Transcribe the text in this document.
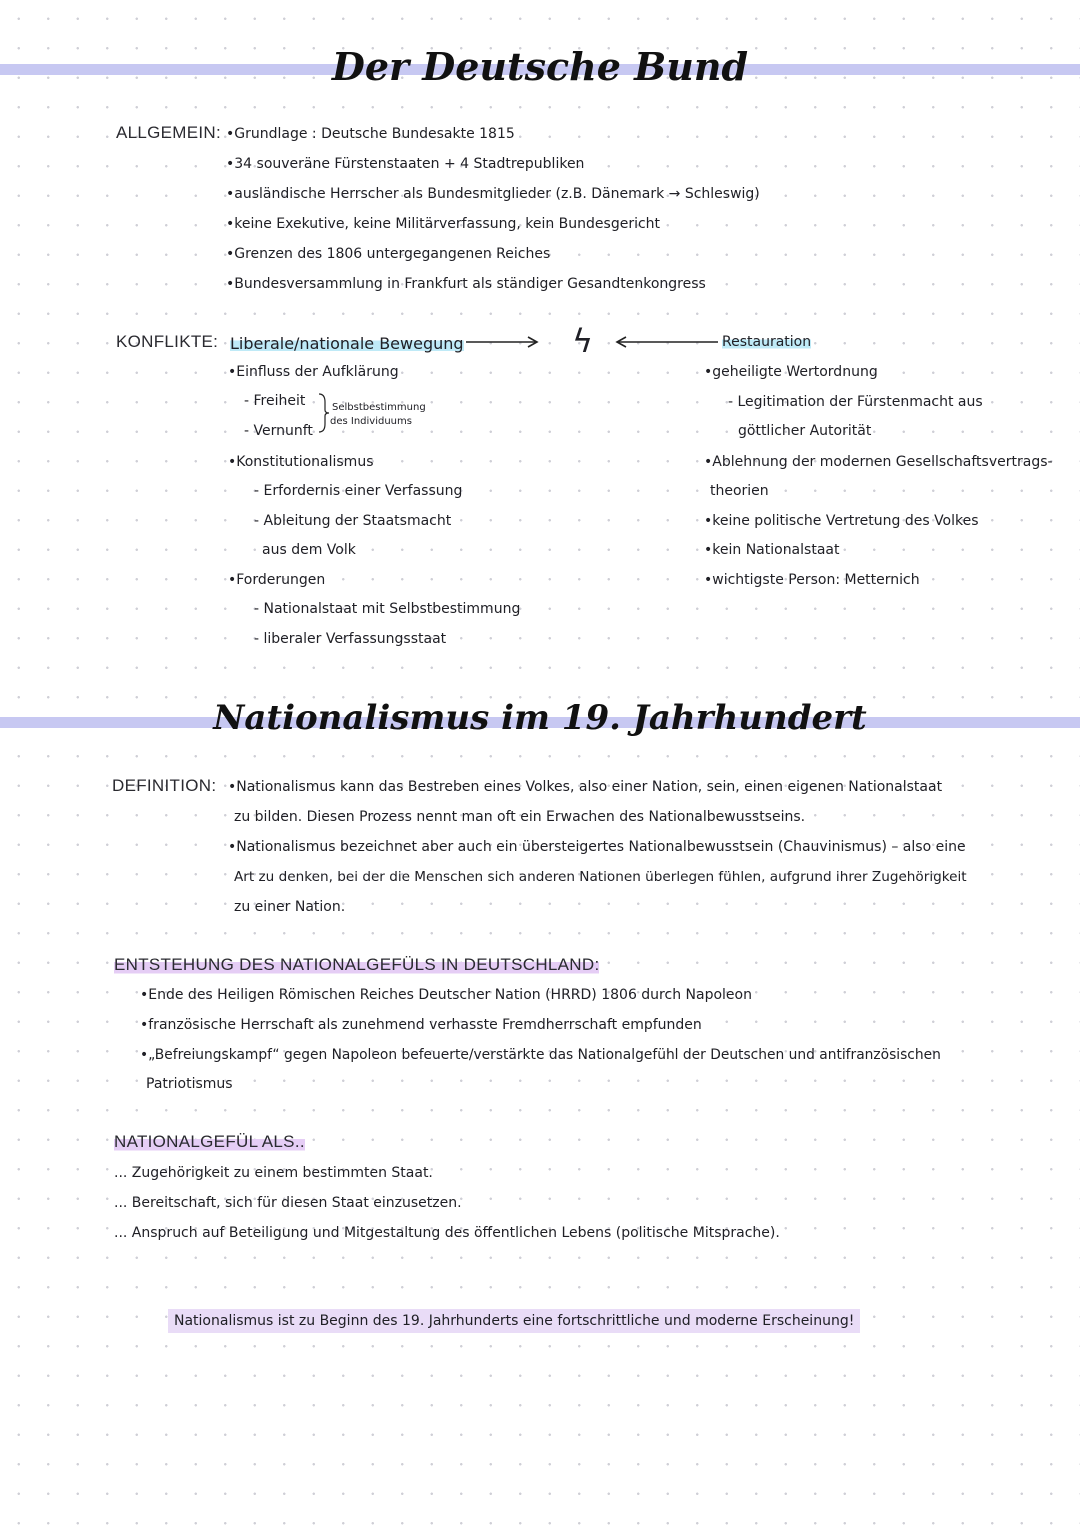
Der Deutsche Bund
ALLGEMEIN: •Grundlage : Deutsche Bundesakte 1815
•34 souveräne Fürstenstaaten + 4 Stadtrepubliken
•ausländische Herrscher als Bundesmitglieder (z.B. Dänemark → Schleswig)
•keine Exekutive, keine Militärverfassung, kein Bundesgericht
•Grenzen des 1806 untergegangenen Reiches
•Bundesversammlung in Frankfurt als ständiger Gesandtenkongress
KONFLIKTE: Liberale/nationale Bewegung	ϟ	Restauration
•Einfluss der Aufklärung
- Freiheit
- Vernunft
Selbstbestimmung
des Individuums
•Konstitutionalismus
- Erfordernis einer Verfassung
- Ableitung der Staatsmacht
aus dem Volk
•Forderungen
- Nationalstaat mit Selbstbestimmung
- liberaler Verfassungsstaat
•geheiligte Wertordnung
- Legitimation der Fürstenmacht aus
göttlicher Autorität
•Ablehnung der modernen Gesellschaftsvertrags-
theorien
•keine politische Vertretung des Volkes
•kein Nationalstaat
•wichtigste Person: Metternich
Nationalismus im 19. Jahrhundert
DEFINITION: •Nationalismus kann das Bestreben eines Volkes, also einer Nation, sein, einen eigenen Nationalstaat
zu bilden. Diesen Prozess nennt man oft ein Erwachen des Nationalbewusstseins.
•Nationalismus bezeichnet aber auch ein übersteigertes Nationalbewusstsein (Chauvinismus) – also eine
Art zu denken, bei der die Menschen sich anderen Nationen überlegen fühlen, aufgrund ihrer Zugehörigkeit
zu einer Nation.
ENTSTEHUNG DES NATIONALGEFÜLS IN DEUTSCHLAND:
•Ende des Heiligen Römischen Reiches Deutscher Nation (HRRD) 1806 durch Napoleon
•französische Herrschaft als zunehmend verhasste Fremdherrschaft empfunden
•„Befreiungskampf“ gegen Napoleon befeuerte/verstärkte das Nationalgefühl der Deutschen und antifranzösischen
Patriotismus
NATIONALGEFÜL ALS..
... Zugehörigkeit zu einem bestimmten Staat.
... Bereitschaft, sich für diesen Staat einzusetzen.
... Anspruch auf Beteiligung und Mitgestaltung des öffentlichen Lebens (politische Mitsprache).
Nationalismus ist zu Beginn des 19. Jahrhunderts eine fortschrittliche und moderne Erscheinung!
